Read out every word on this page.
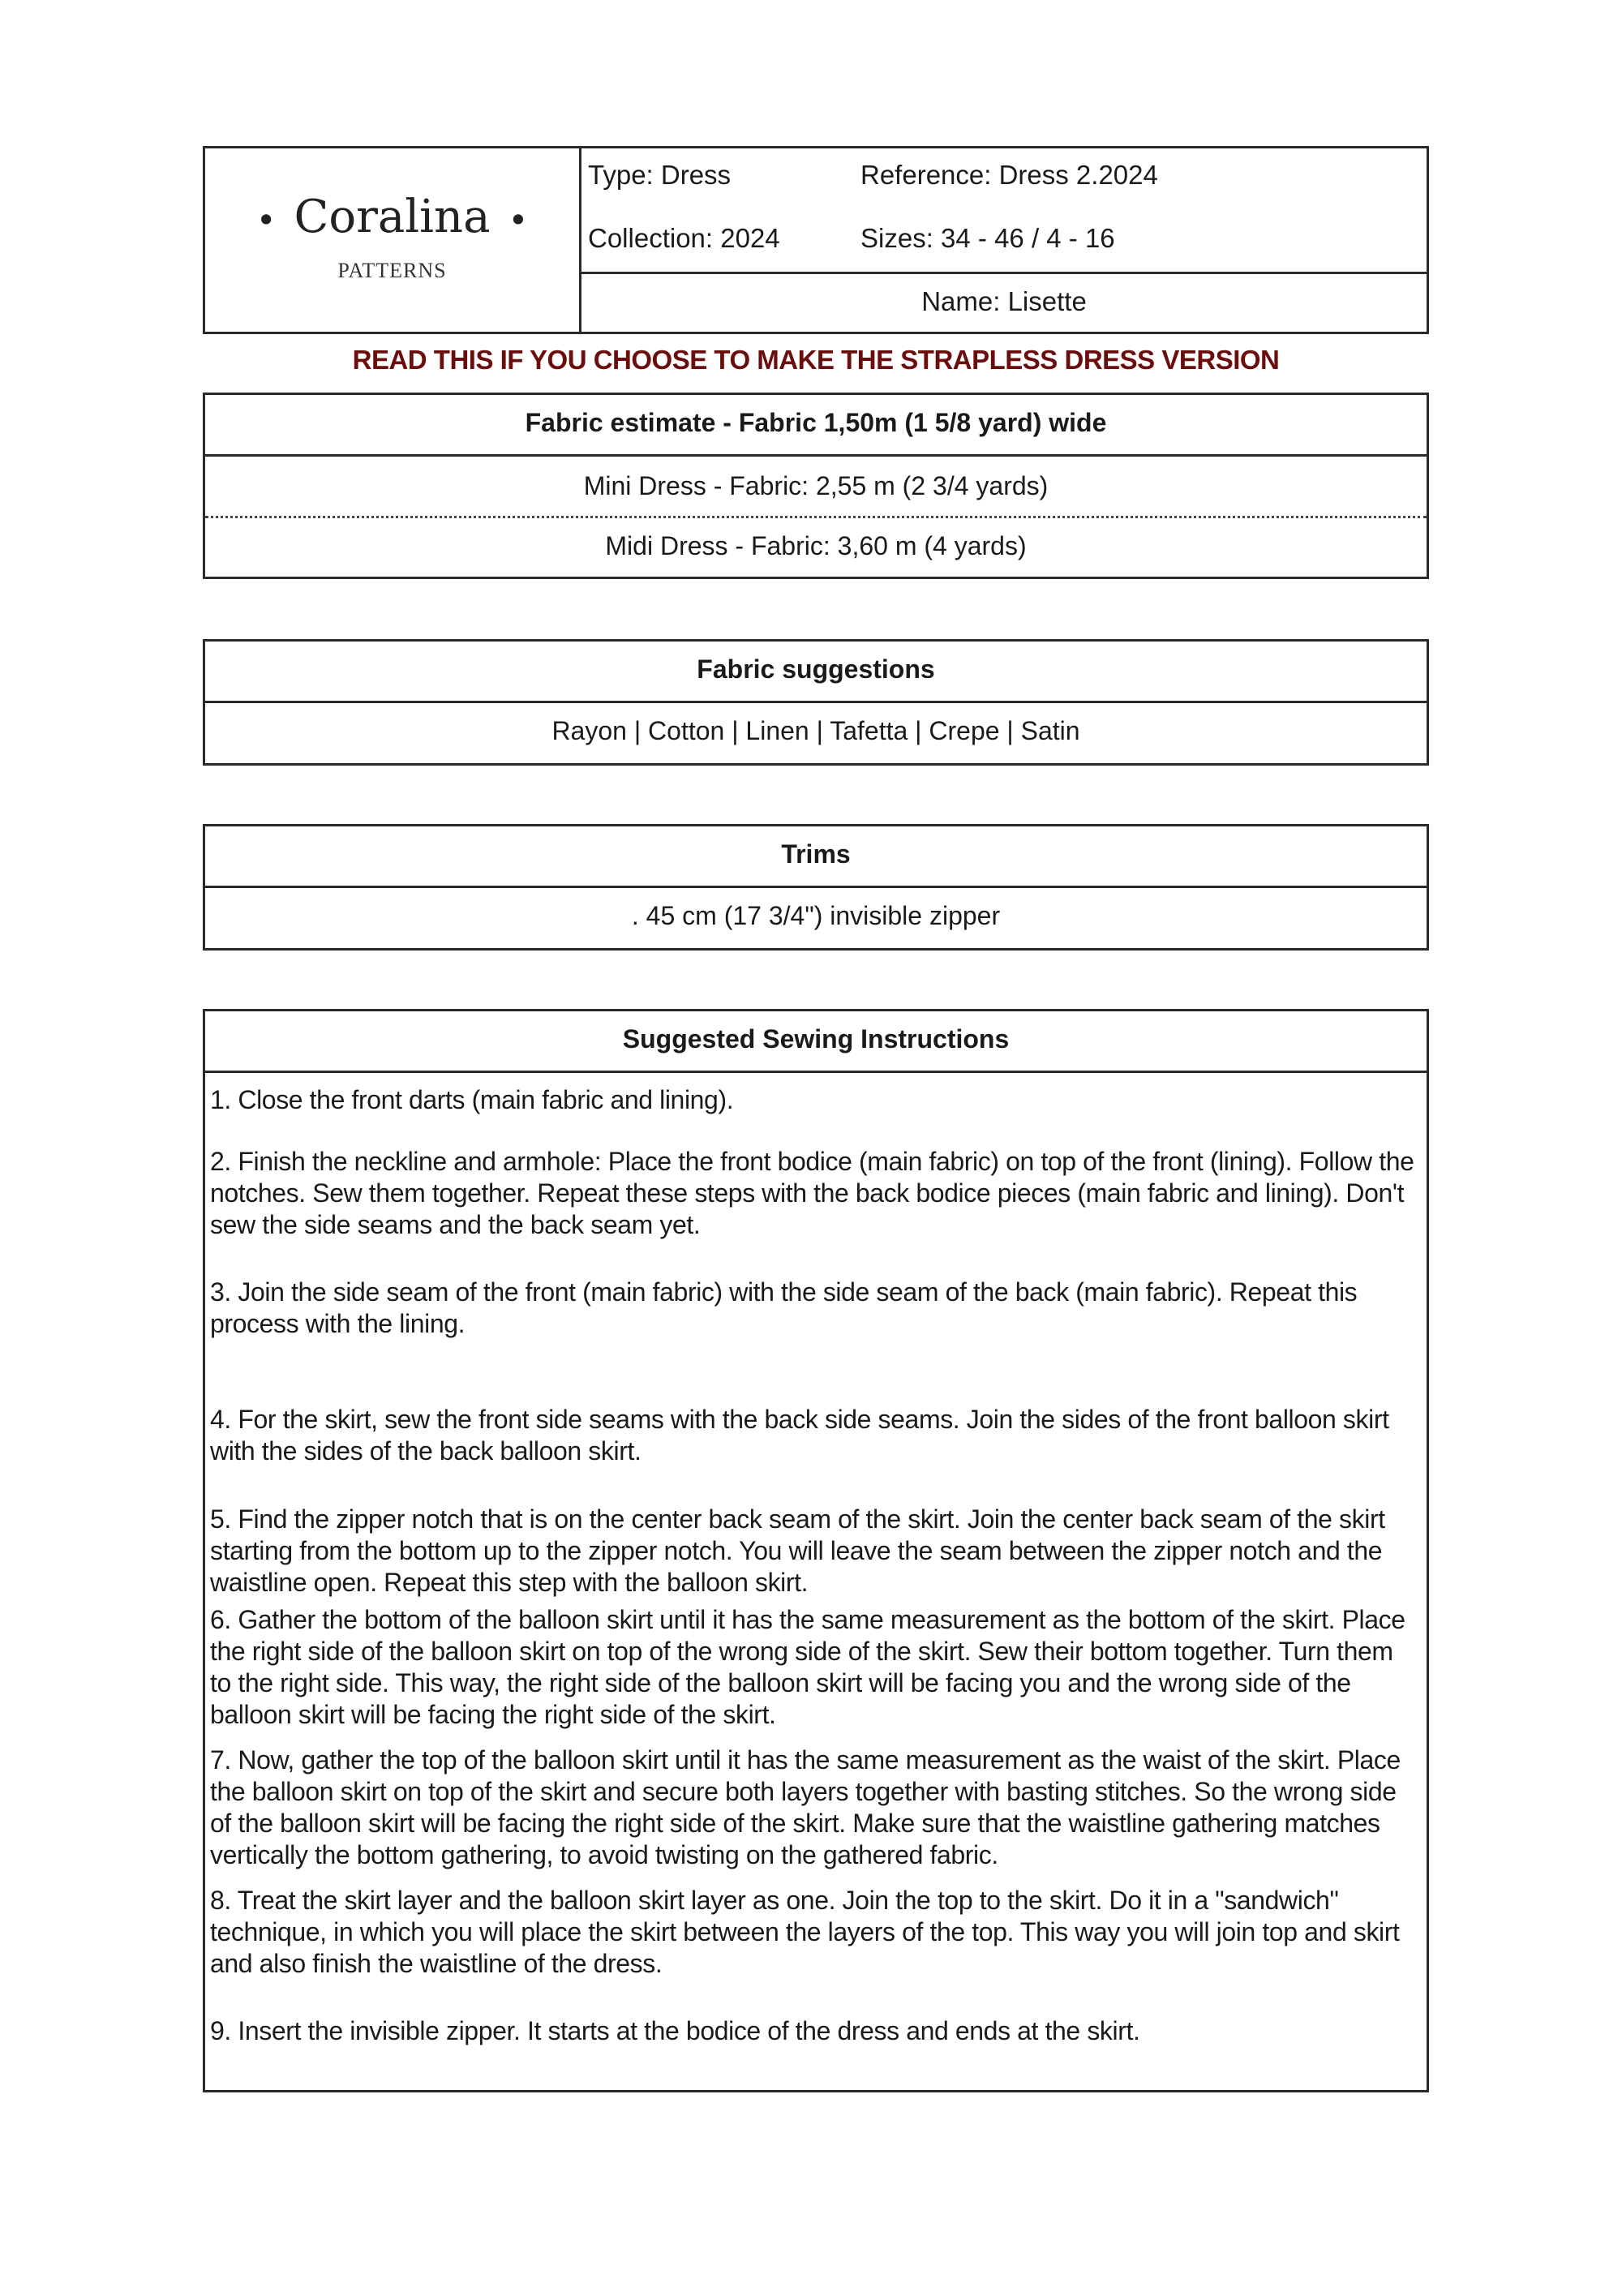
• Coralina •
PATTERNS
Type: Dress	Reference: Dress 2.2024
Collection: 2024	Sizes: 34 - 46 / 4 - 16
Name: Lisette
READ THIS IF YOU CHOOSE TO MAKE THE STRAPLESS DRESS VERSION
Fabric estimate - Fabric 1,50m (1 5/8 yard) wide
Mini Dress - Fabric: 2,55 m (2 3/4 yards)
Midi Dress - Fabric: 3,60 m (4 yards)
Fabric suggestions
Rayon | Cotton | Linen | Tafetta | Crepe | Satin
Trims
. 45 cm (17 3/4") invisible zipper
Suggested Sewing Instructions

1. Close the front darts (main fabric and lining).

2. Finish the neckline and armhole: Place the front bodice (main fabric) on top of the front (lining). Follow the notches. Sew them together. Repeat these steps with the back bodice pieces (main fabric and lining). Don't sew the side seams and the back seam yet.

3. Join the side seam of the front (main fabric) with the side seam of the back (main fabric). Repeat this process with the lining.

4. For the skirt, sew the front side seams with the back side seams. Join the sides of the front balloon skirt with the sides of the back balloon skirt.

5. Find the zipper notch that is on the center back seam of the skirt. Join the center back seam of the skirt starting from the bottom up to the zipper notch. You will leave the seam between the zipper notch and the waistline open. Repeat this step with the balloon skirt.

6. Gather the bottom of the balloon skirt until it has the same measurement as the bottom of the skirt. Place the right side of the balloon skirt on top of the wrong side of the skirt. Sew their bottom together. Turn them to the right side. This way, the right side of the balloon skirt will be facing you and the wrong side of the balloon skirt will be facing the right side of the skirt.

7. Now, gather the top of the balloon skirt until it has the same measurement as the waist of the skirt. Place the balloon skirt on top of the skirt and secure both layers together with basting stitches. So the wrong side of the balloon skirt will be facing the right side of the skirt. Make sure that the waistline gathering matches vertically the bottom gathering, to avoid twisting on the gathered fabric.

8. Treat the skirt layer and the balloon skirt layer as one. Join the top to the skirt. Do it in a "sandwich" technique, in which you will place the skirt between the layers of the top. This way you will join top and skirt and also finish the waistline of the dress.

9. Insert the invisible zipper. It starts at the bodice of the dress and ends at the skirt.
